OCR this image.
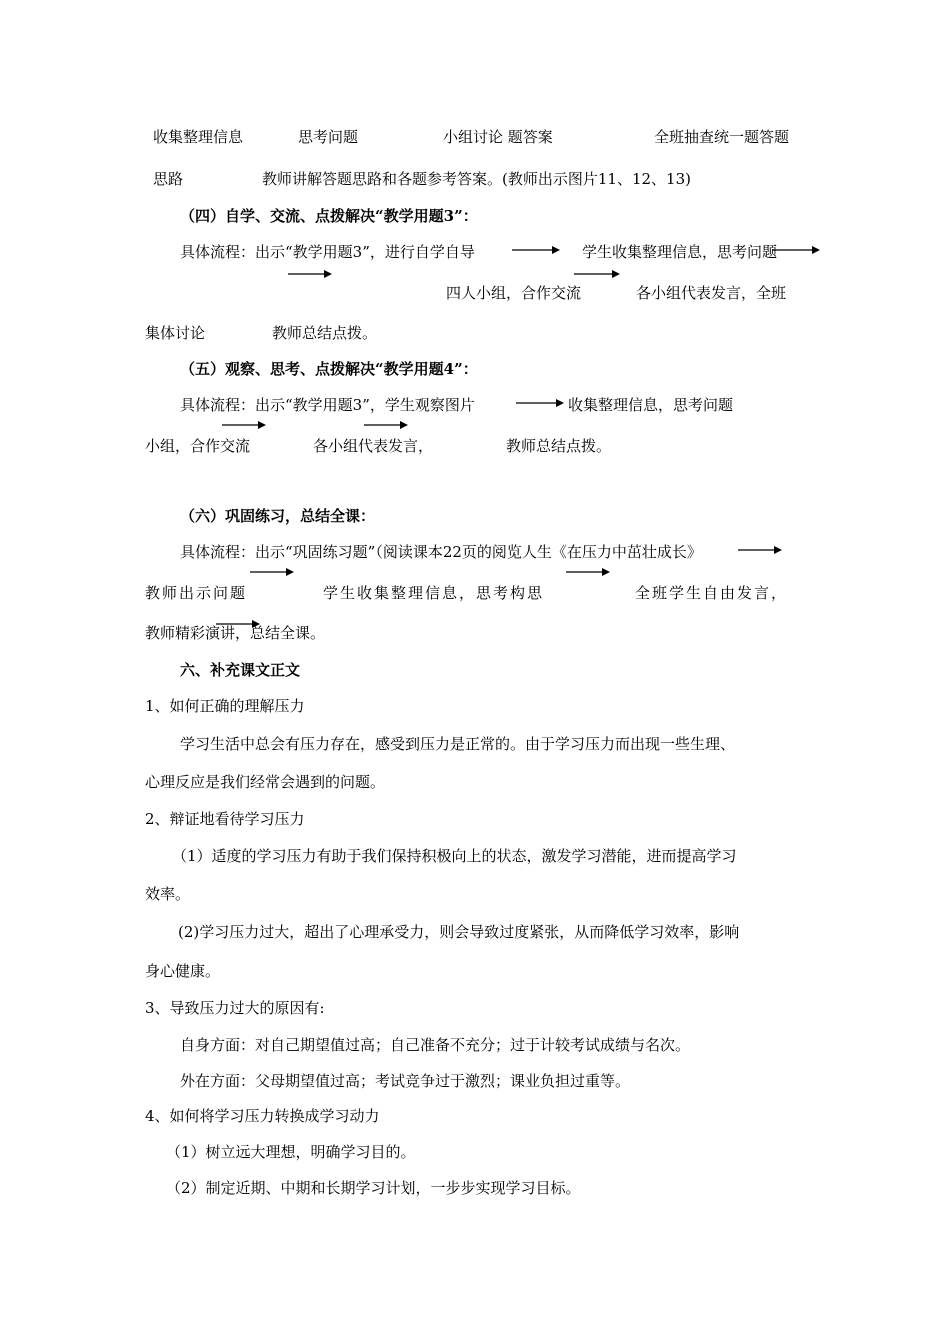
收集整理信息	思考问题	小组讨论 题答案	全班抽查统一题答题
思路	教师讲解答题思路和各题参考答案。(教师出示图片11、12、13)
（四）自学、交流、点拨解决“教学用题3”：
具体流程：出示“教学用题3”，进行自学自导	学生收集整理信息，思考问题
四人小组，合作交流	各小组代表发言，全班
集体讨论	教师总结点拨。
（五）观察、思考、点拨解决“教学用题4”：
具体流程：出示“教学用题3”，学生观察图片	收集整理信息，思考问题
小组，合作交流	各小组代表发言，	教师总结点拨。
（六）巩固练习，总结全课：
具体流程：出示“巩固练习题”（阅读课本22页的阅览人生《在压力中茁壮成长》
教师出示问题	学生收集整理信息，思考构思	全班学生自由发言，
教师精彩演讲，总结全课。
六、补充课文正文
1、如何正确的理解压力
学习生活中总会有压力存在，感受到压力是正常的。由于学习压力而出现一些生理、
心理反应是我们经常会遇到的问题。
2、辩证地看待学习压力
（1）适度的学习压力有助于我们保持积极向上的状态，激发学习潜能，进而提高学习
效率。
(2)学习压力过大，超出了心理承受力，则会导致过度紧张，从而降低学习效率，影响
身心健康。
3、导致压力过大的原因有:
自身方面：对自己期望值过高；自己准备不充分；过于计较考试成绩与名次。
外在方面：父母期望值过高；考试竞争过于激烈；课业负担过重等。
4、如何将学习压力转换成学习动力
（1）树立远大理想，明确学习目的。
（2）制定近期、中期和长期学习计划，一步步实现学习目标。
